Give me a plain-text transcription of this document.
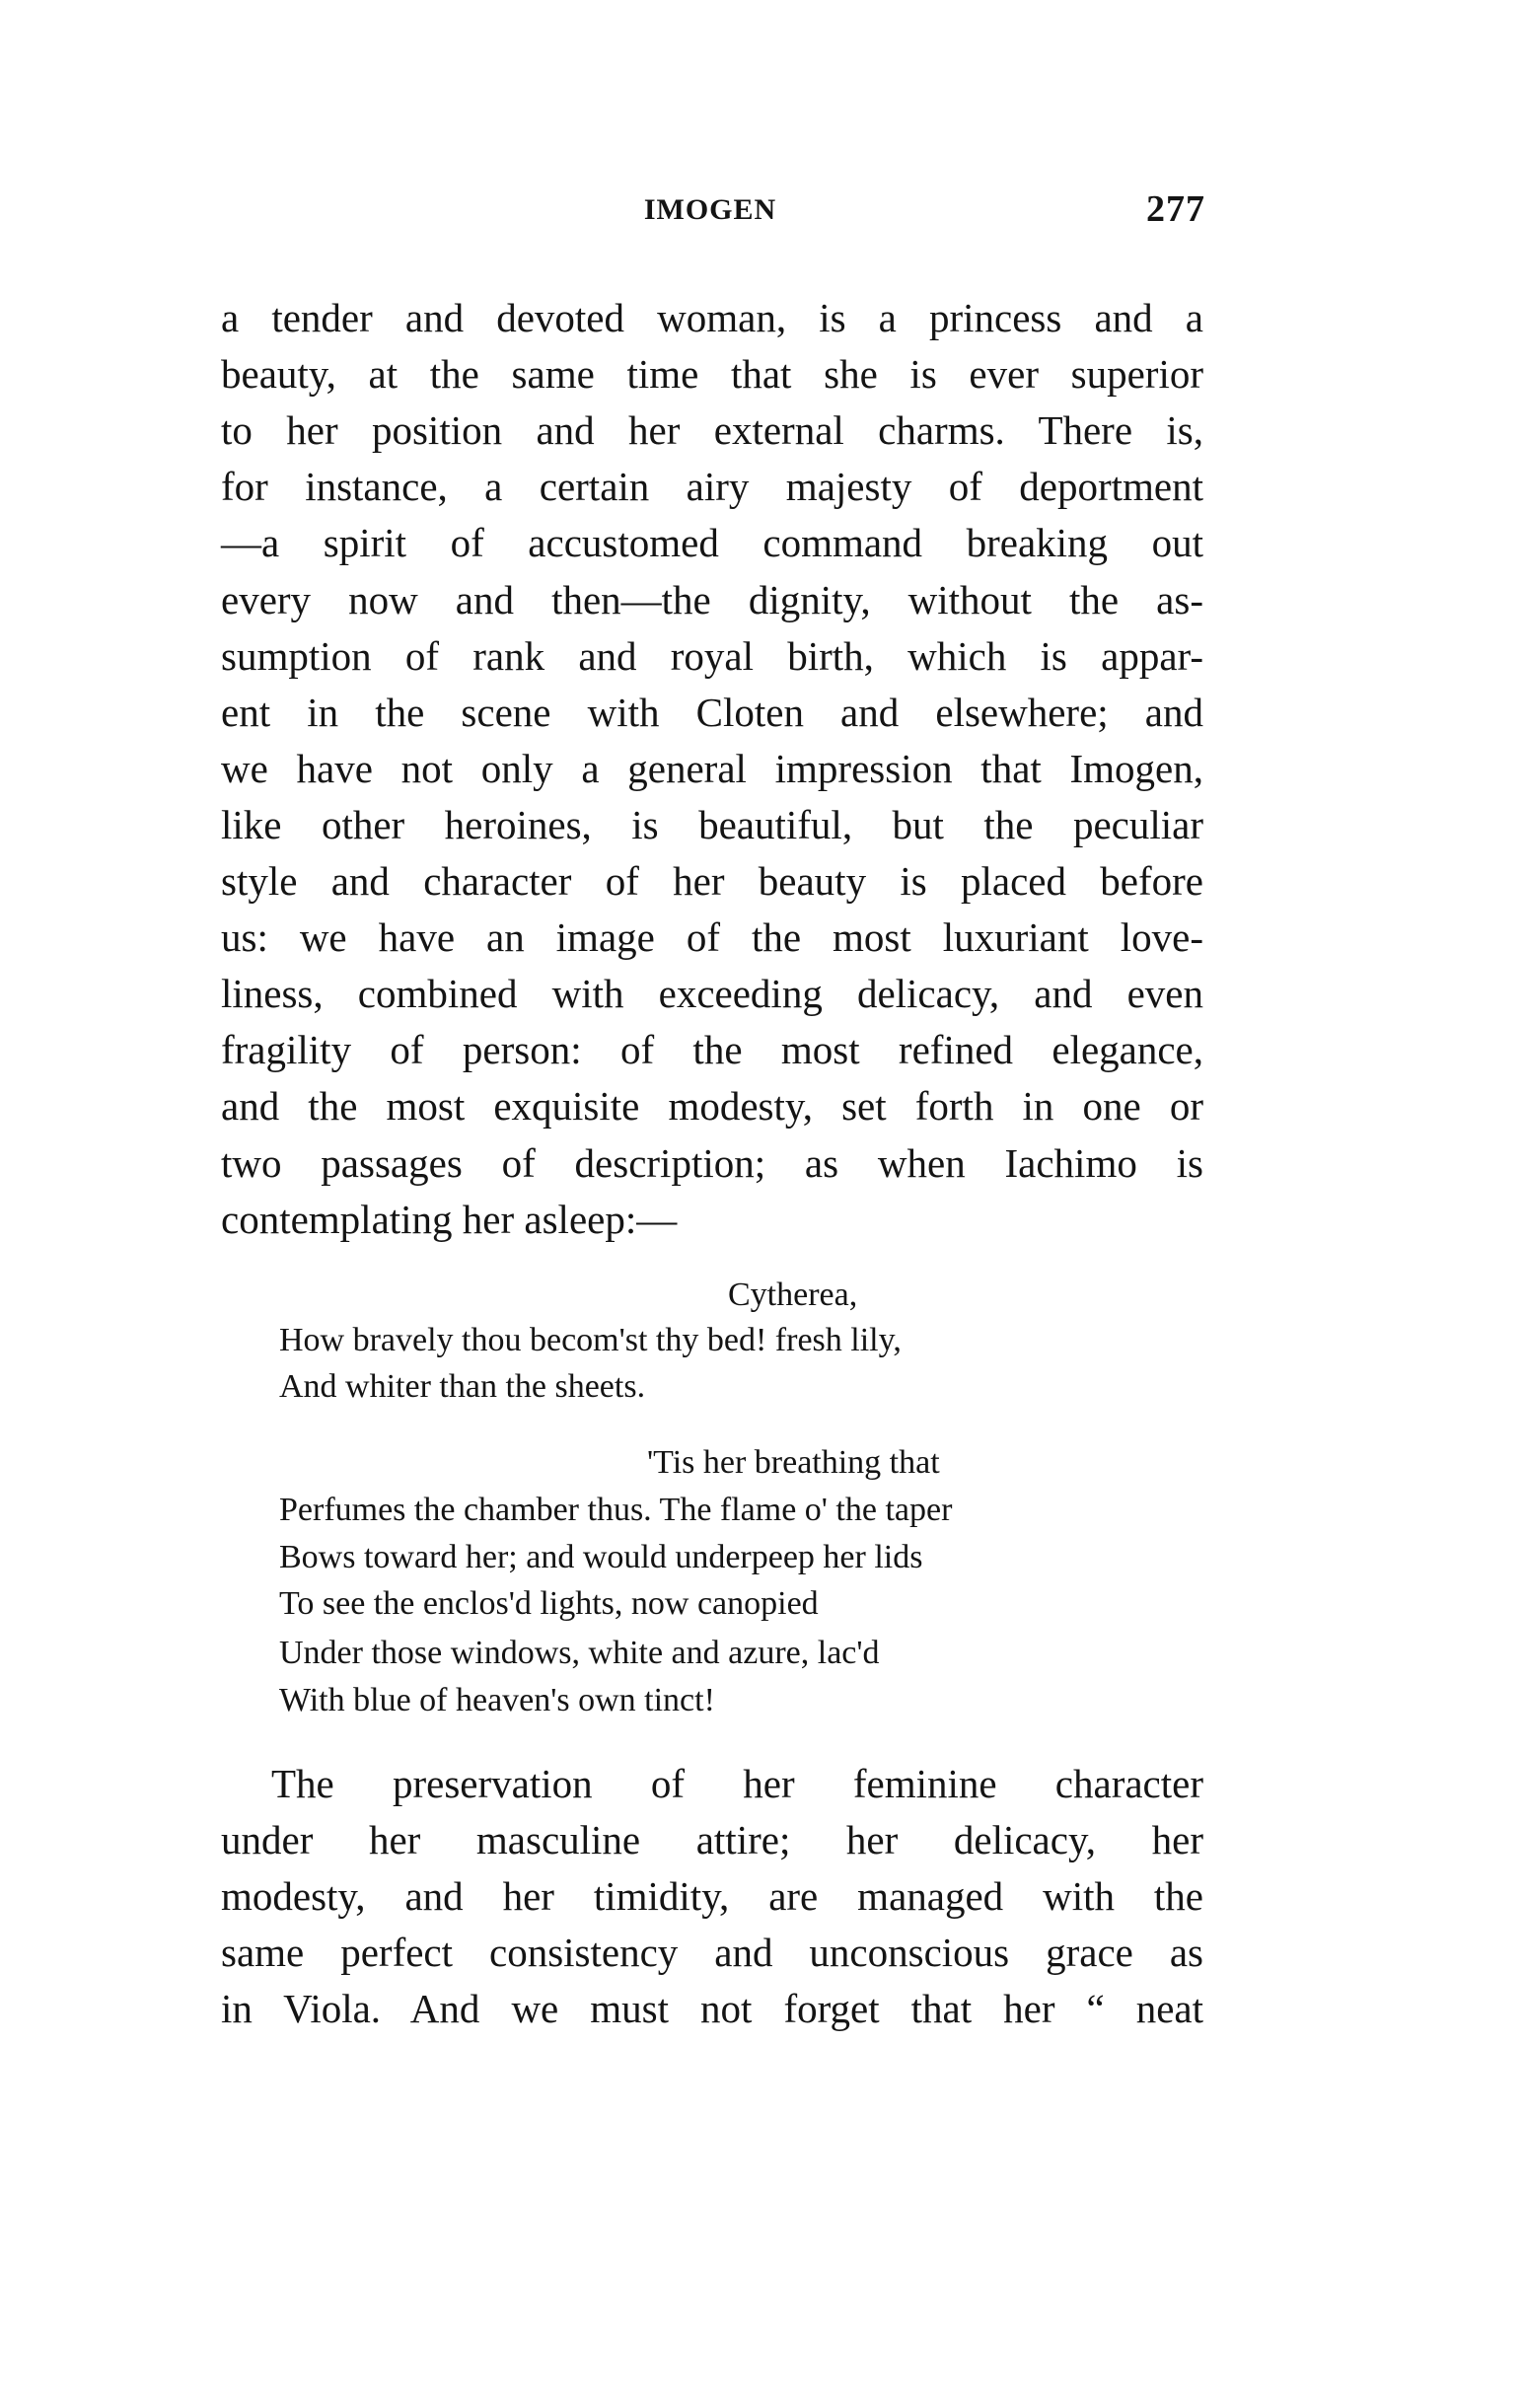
IMOGEN	277
a tender and devoted woman, is a princess and a
beauty, at the same time that she is ever superior
to her position and her external charms. There is,
for instance, a certain airy majesty of deportment
—a spirit of accustomed command breaking out
every now and then—the dignity, without the as-
sumption of rank and royal birth, which is appar-
ent in the scene with Cloten and elsewhere; and
we have not only a general impression that Imogen,
like other heroines, is beautiful, but the peculiar
style and character of her beauty is placed before
us: we have an image of the most luxuriant love-
liness, combined with exceeding delicacy, and even
fragility of person: of the most refined elegance,
and the most exquisite modesty, set forth in one or
two passages of description; as when Iachimo is
contemplating her asleep:—
Cytherea,
How bravely thou becom'st thy bed! fresh lily,
And whiter than the sheets.
'Tis her breathing that
Perfumes the chamber thus. The flame o' the taper
Bows toward her; and would underpeep her lids
To see the enclos'd lights, now canopied
Under those windows, white and azure, lac'd
With blue of heaven's own tinct!
The preservation of her feminine character
under her masculine attire; her delicacy, her
modesty, and her timidity, are managed with the
same perfect consistency and unconscious grace as
in Viola. And we must not forget that her “ neat
